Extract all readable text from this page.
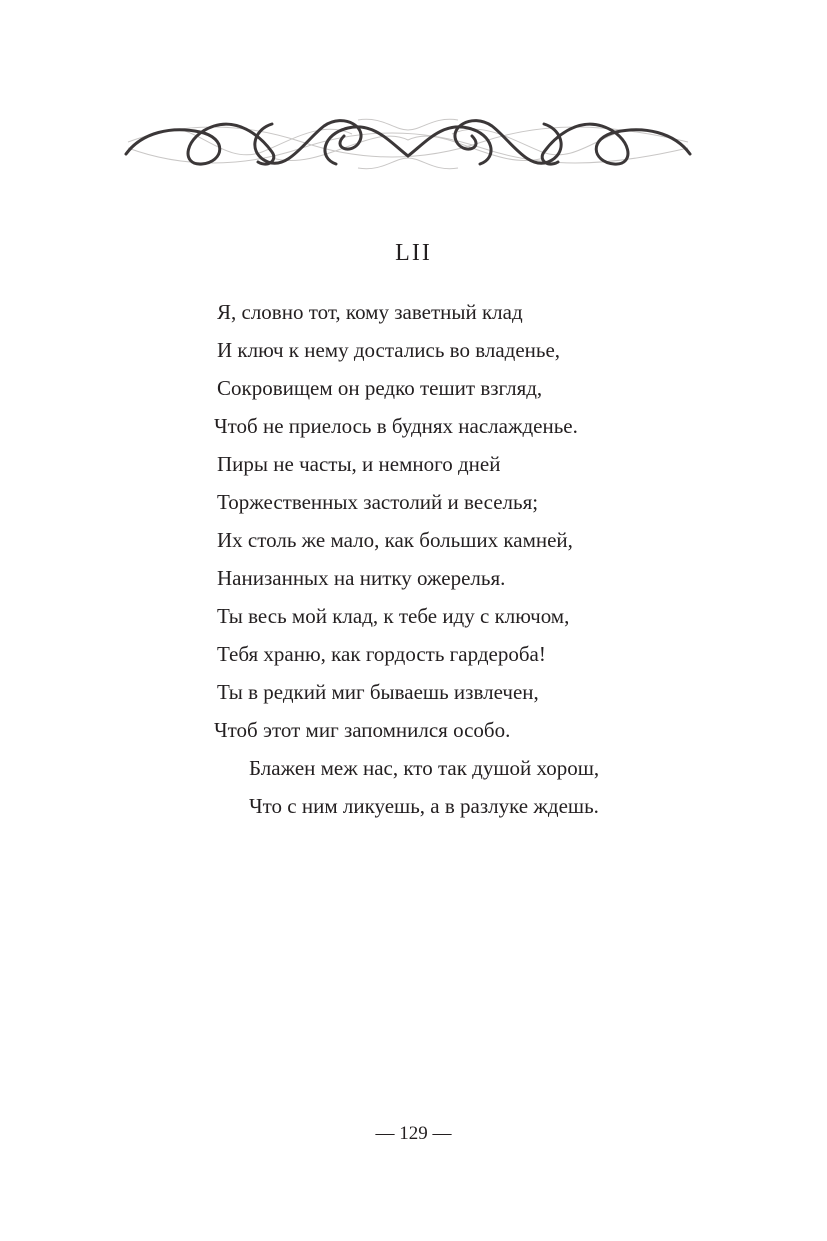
LII
Я, словно тот, кому заветный клад
И ключ к нему достались во владенье,
Сокровищем он редко тешит взгляд,
Чтоб не приелось в буднях наслажденье.
Пиры не часты, и немного дней
Торжественных застолий и веселья;
Их столь же мало, как больших камней,
Нанизанных на нитку ожерелья.
Ты весь мой клад, к тебе иду с ключом,
Тебя храню, как гордость гардероба!
Ты в редкий миг бываешь извлечен,
Чтоб этот миг запомнился особо.
Блажен меж нас, кто так душой хорош,
Что с ним ликуешь, а в разлуке ждешь.
— 129 —
